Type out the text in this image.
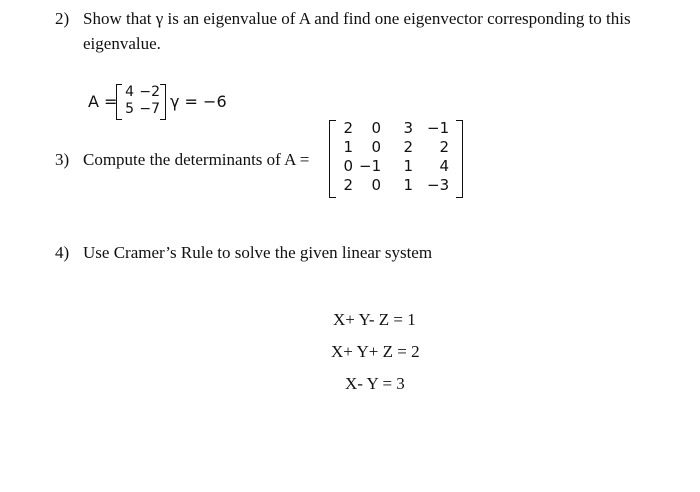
2) Show that γ is an eigenvalue of A and find one eigenvector corresponding to this
eigenvalue.
A = 4 −2
5 −7 γ = −6
3) Compute the determinants of A =
2	0	3 −1
1	0	2	2
0 −1	1	4
2	0	1 −3
4) Use Cramer’s Rule to solve the given linear system
X+ Y- Z = 1
X+ Y+ Z = 2
X- Y = 3
